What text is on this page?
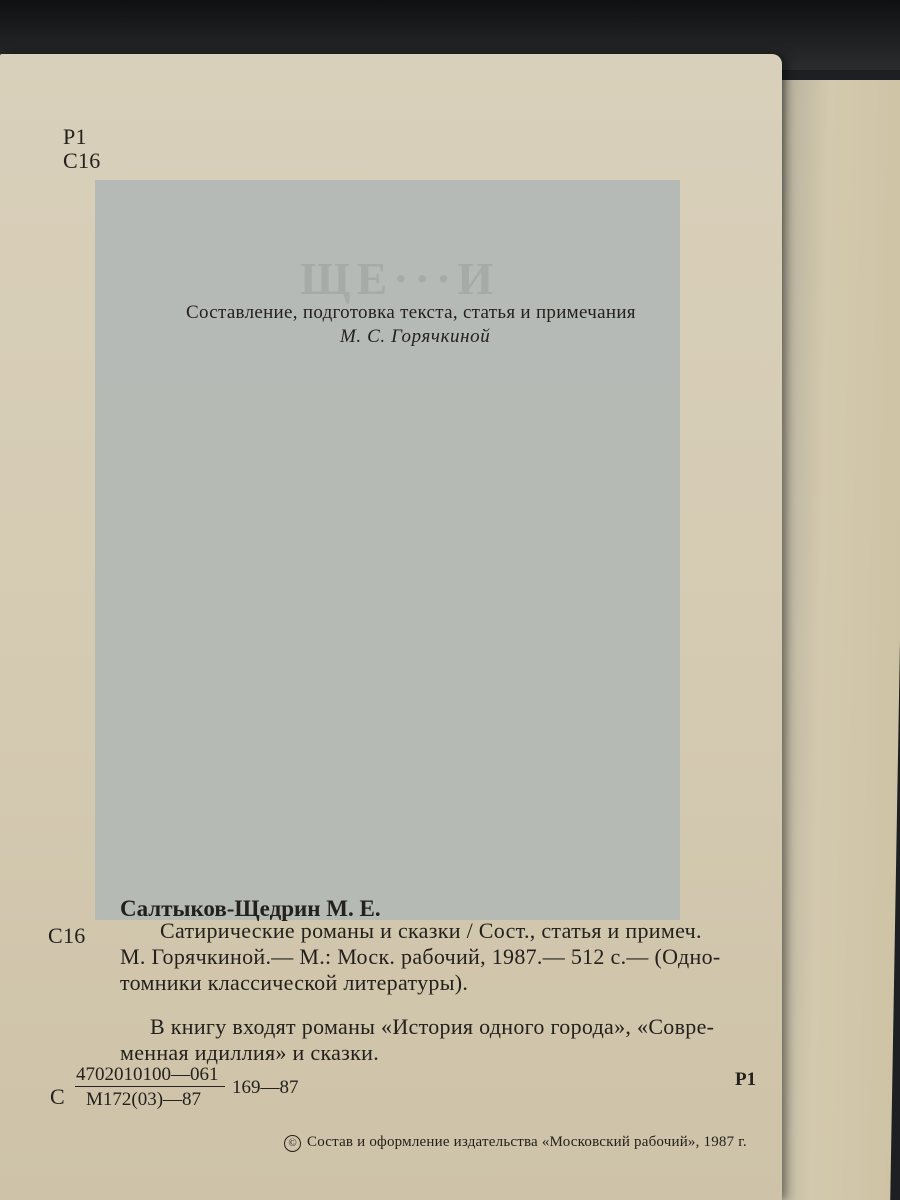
ЩЕ···И
Р1
С16
Составление, подготовка текста, статья и примечания
М. С. Горячкиной
Салтыков-Щедрин М. Е.
С16	Сатирические романы и сказки / Сост., статья и примеч.
М. Горячкиной.— М.: Моск. рабочий, 1987.— 512 с.— (Одно-
томники классической литературы).
В книгу входят романы «История одного города», «Совре-
менная идиллия» и сказки.
Р1
С
4702010100—061
М172(03)—87
169—87
© Состав и оформление издательства «Московский рабочий», 1987 г.
